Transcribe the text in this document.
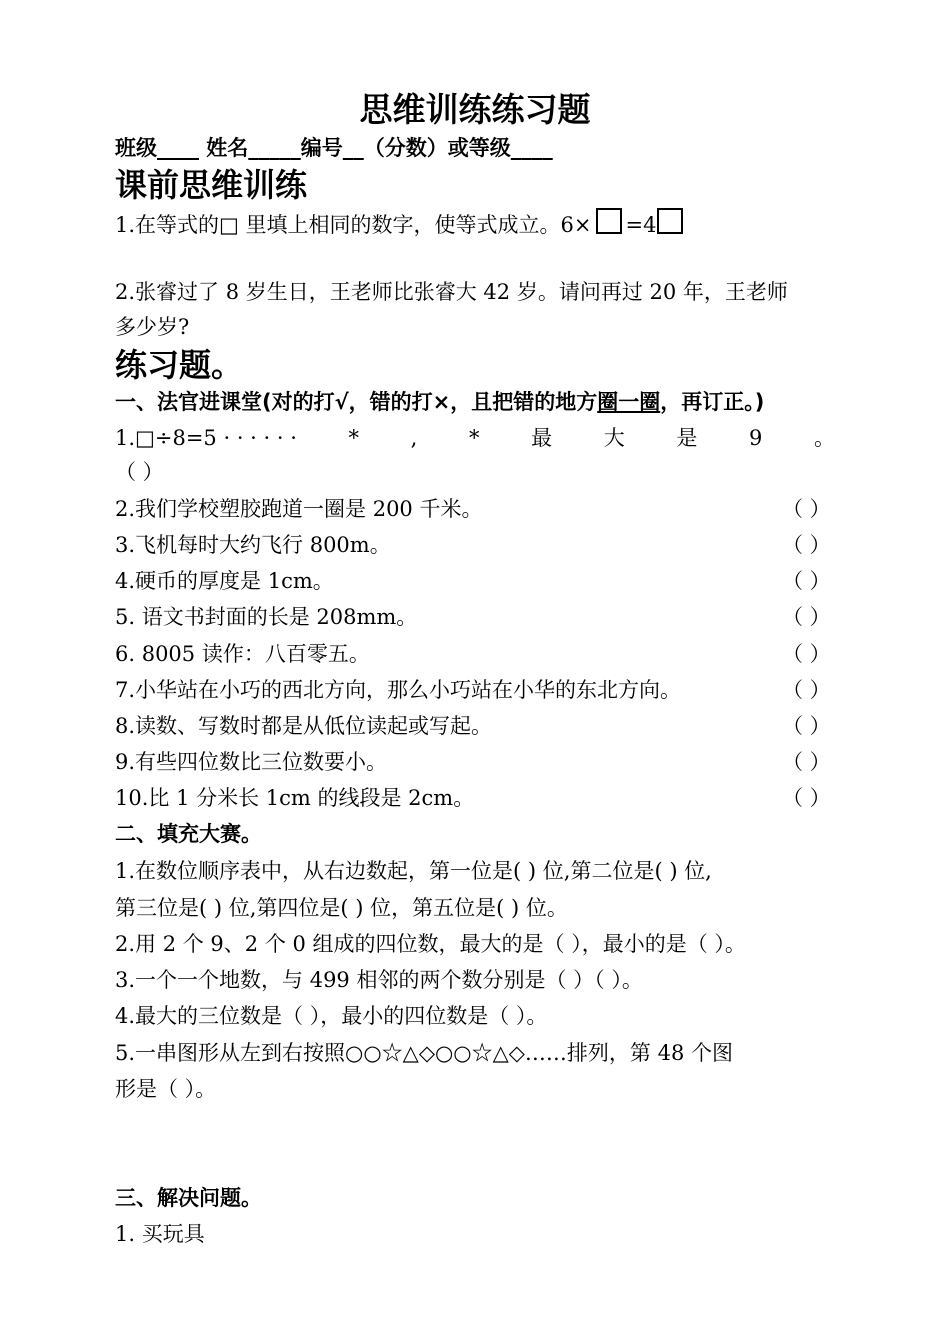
思维训练练习题
班级____ 姓名_____编号__（分数）或等级____
课前思维训练
1.在等式的□ 里填上相同的数字，使等式成立。6× =4
2.张睿过了 8 岁生日，王老师比张睿大 42 岁。请问再过 20 年，王老师
多少岁?
练习题。
一、法官进课堂(对的打√，错的打×，且把错的地方圈一圈，再订正。)
1.□÷8=5 · · · · · · * , * 最 大 是 9 。
（ ）
2.我们学校塑胶跑道一圈是 200 千米。	（ ）
3.飞机每时大约飞行 800m。	（ ）
4.硬币的厚度是 1cm。	（ ）
5. 语文书封面的长是 208mm。	（ ）
6. 8005 读作：八百零五。	（ ）
7.小华站在小巧的西北方向，那么小巧站在小华的东北方向。	（ ）
8.读数、写数时都是从低位读起或写起。	（ ）
9.有些四位数比三位数要小。	（ ）
10.比 1 分米长 1cm 的线段是 2cm。	（ ）
二、填充大赛。
1.在数位顺序表中，从右边数起，第一位是( ) 位,第二位是( ) 位,
第三位是( ) 位,第四位是( ) 位，第五位是( ) 位。
2.用 2 个 9、2 个 0 组成的四位数，最大的是（ ），最小的是（ ）。
3.一个一个地数，与 499 相邻的两个数分别是（ ）（ ）。
4.最大的三位数是（ ），最小的四位数是（ ）。
5.一串图形从左到右按照○○☆△◇○○☆△◇……排列，第 48 个图
形是（ ）。
三、解决问题。
1. 买玩具
